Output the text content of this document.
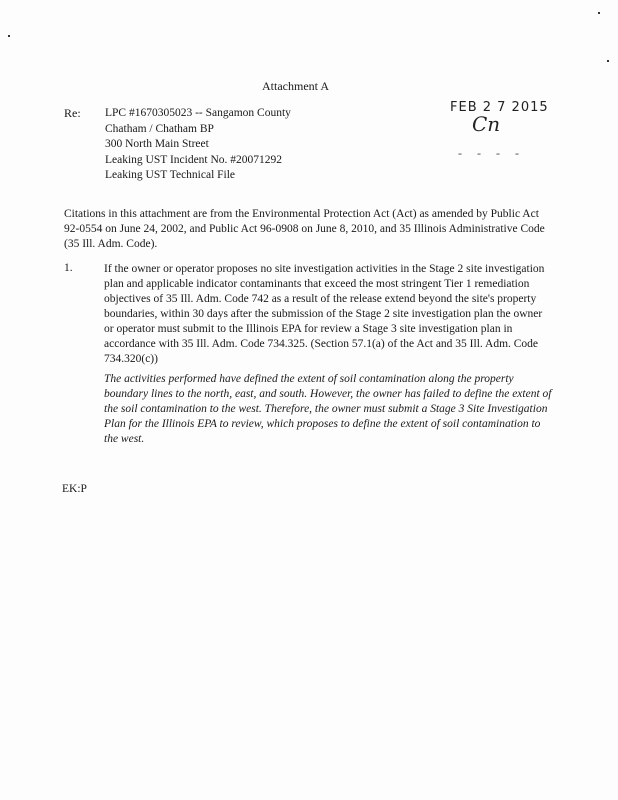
Attachment A
Re: LPC #1670305023 -- Sangamon County
Chatham / Chatham BP
300 North Main Street
Leaking UST Incident No. #20071292
Leaking UST Technical File
FEB 2 7 2015
Cn
- - - -
Citations in this attachment are from the Environmental Protection Act (Act) as amended by Public Act 92-0554 on June 24, 2002, and Public Act 96-0908 on June 8, 2010, and 35 Illinois Administrative Code (35 Ill. Adm. Code).
1.	If the owner or operator proposes no site investigation activities in the Stage 2 site investigation plan and applicable indicator contaminants that exceed the most stringent Tier 1 remediation objectives of 35 Ill. Adm. Code 742 as a result of the release extend beyond the site's property boundaries, within 30 days after the submission of the Stage 2 site investigation plan the owner or operator must submit to the Illinois EPA for review a Stage 3 site investigation plan in accordance with 35 Ill. Adm. Code 734.325. (Section 57.1(a) of the Act and 35 Ill. Adm. Code 734.320(c))
The activities performed have defined the extent of soil contamination along the property boundary lines to the north, east, and south. However, the owner has failed to define the extent of the soil contamination to the west. Therefore, the owner must submit a Stage 3 Site Investigation Plan for the Illinois EPA to review, which proposes to define the extent of soil contamination to the west.
EK:P
